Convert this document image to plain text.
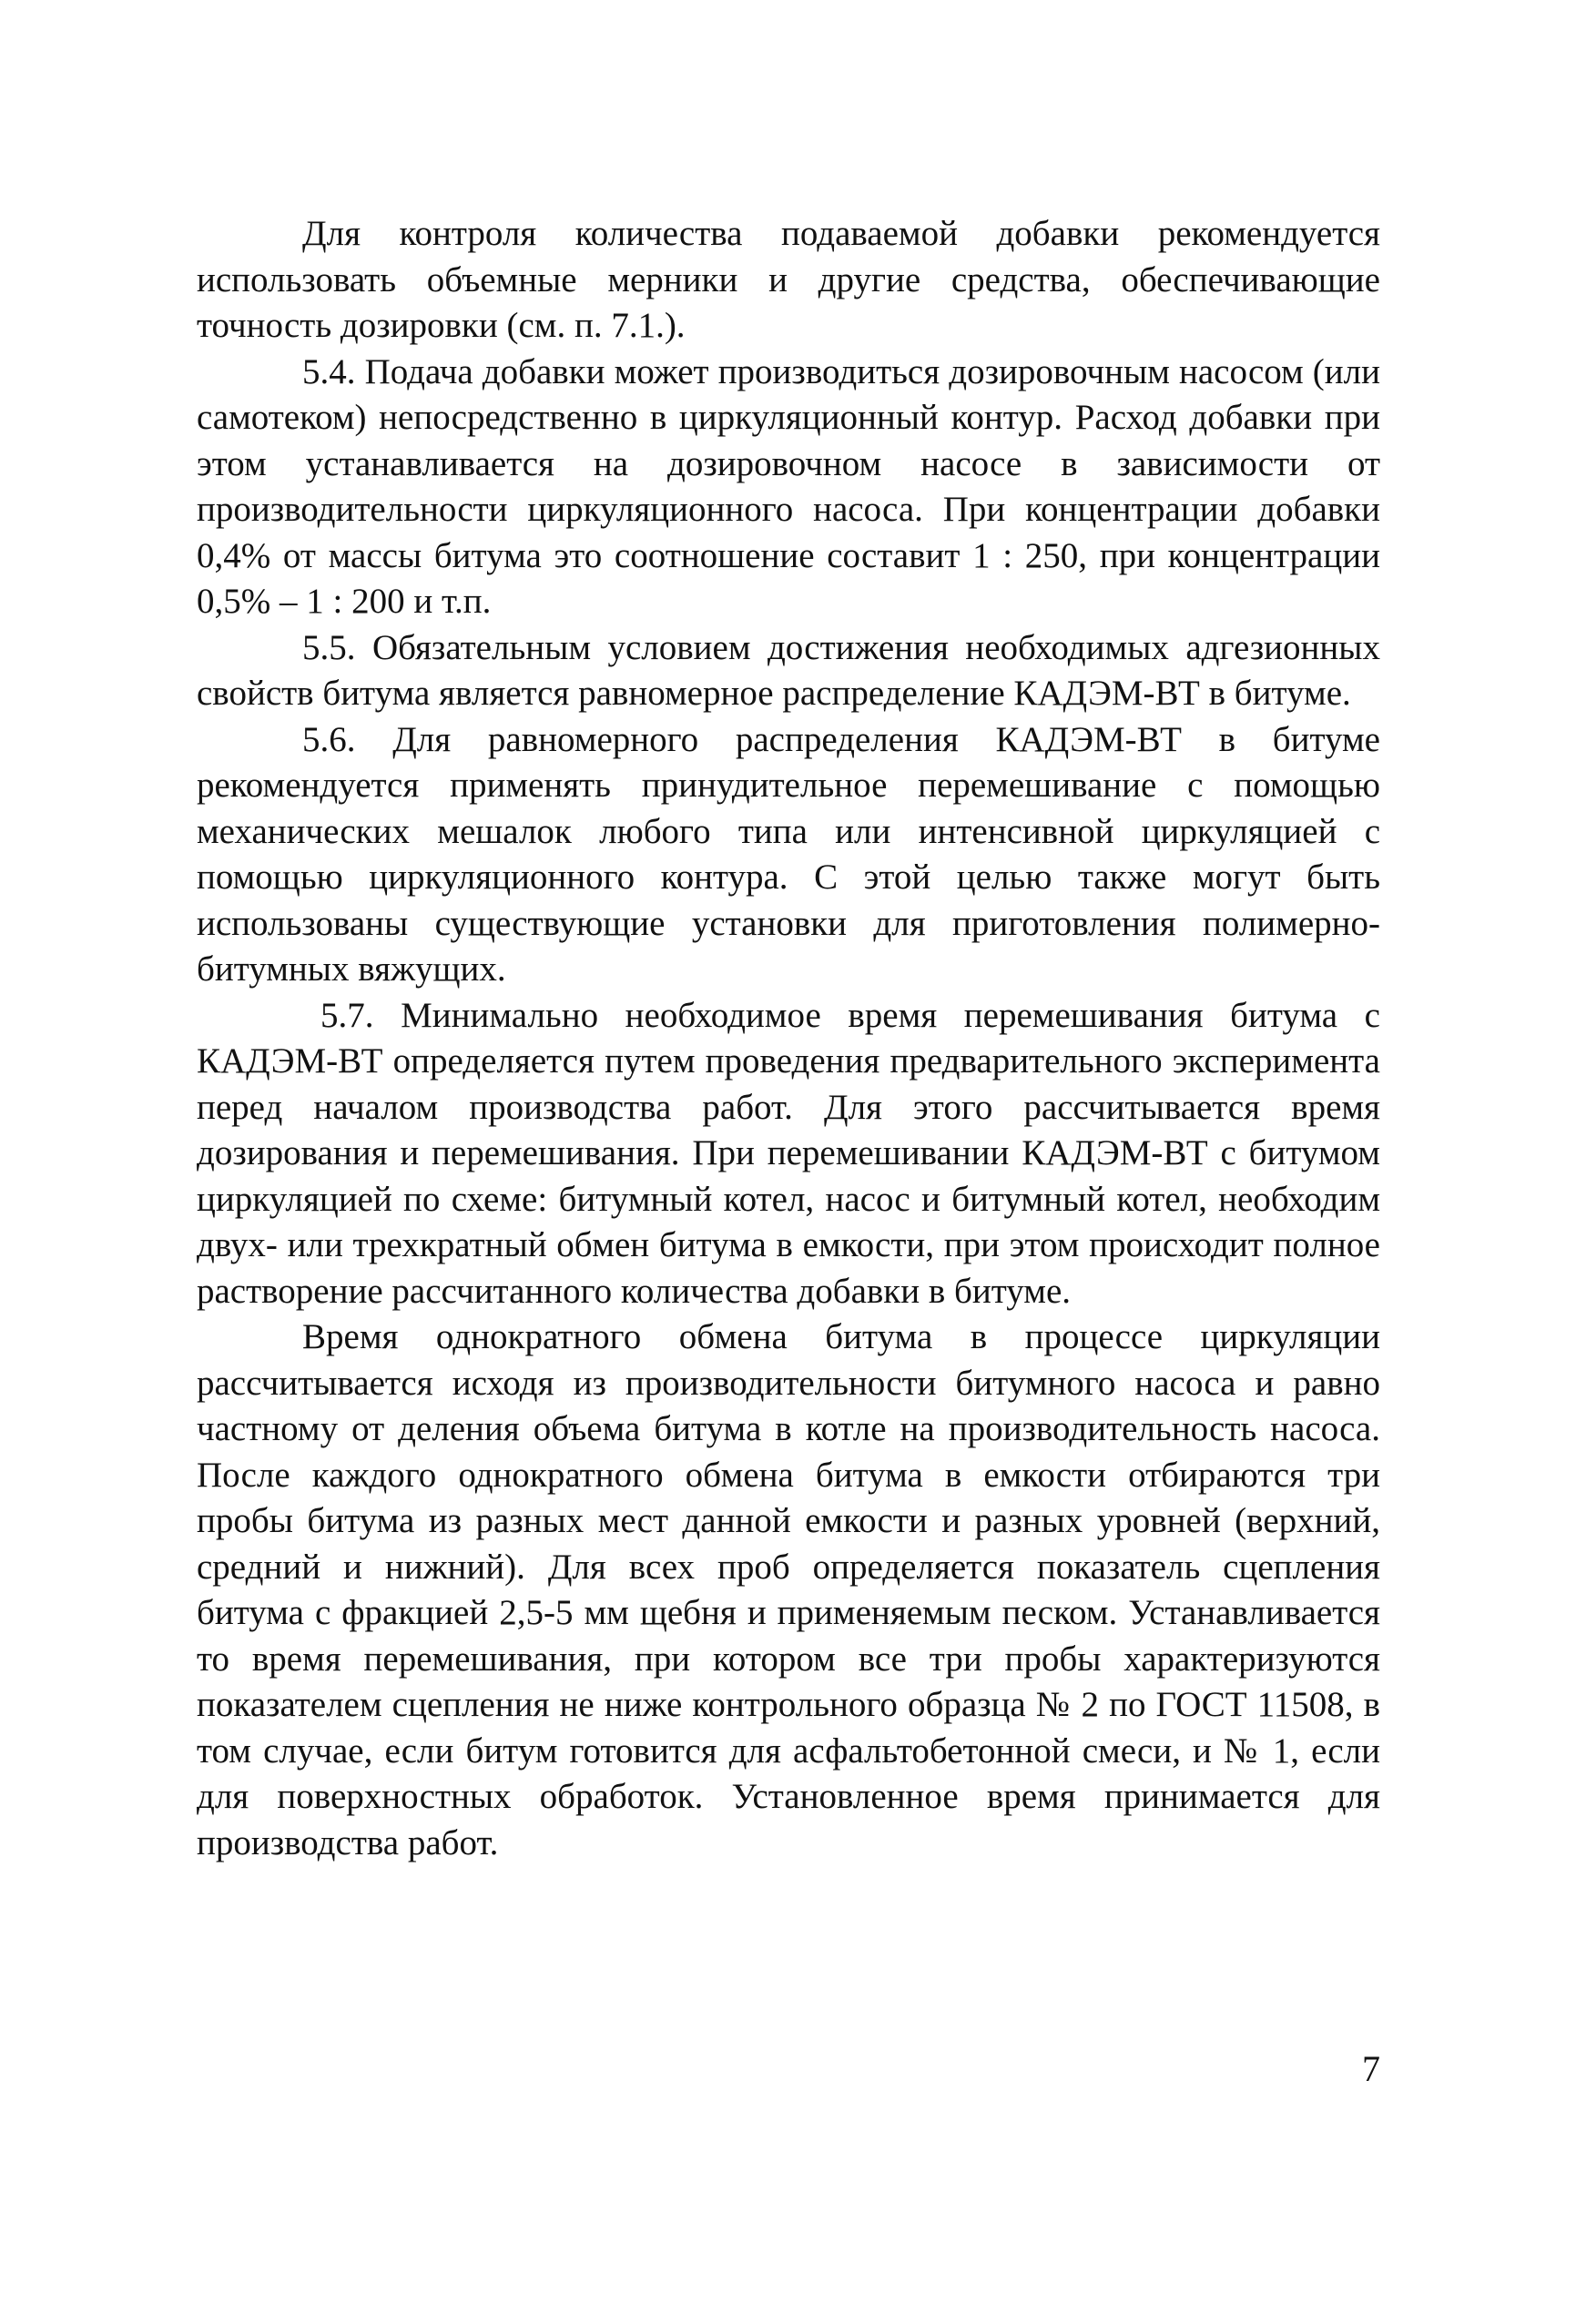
Для контроля количества подаваемой добавки рекомендуется использовать объемные мерники и другие средства, обеспечивающие точность дозировки (см. п. 7.1.).

5.4. Подача добавки может производиться дозировочным насосом (или самотеком) непосредственно в циркуляционный контур. Расход добавки при этом устанавливается на дозировочном насосе в зависимости от производительности циркуляционного насоса. При концентрации добавки 0,4% от массы битума это соотношение составит 1 : 250, при концентрации 0,5% – 1 : 200 и т.п.

5.5. Обязательным условием достижения необходимых адгезионных свойств битума является равномерное распределение КАДЭМ-ВТ в битуме.

5.6. Для равномерного распределения КАДЭМ-ВТ в битуме рекомендуется применять принудительное перемешивание с помощью механических мешалок любого типа или интенсивной циркуляцией с помощью циркуляционного контура. С этой целью также могут быть использованы существующие установки для приготовления полимерно-битумных вяжущих.

5.7. Минимально необходимое время перемешивания битума с КАДЭМ-ВТ определяется путем проведения предварительного эксперимента перед началом производства работ. Для этого рассчитывается время дозирования и перемешивания. При перемешивании КАДЭМ-ВТ с битумом циркуляцией по схеме: битумный котел, насос и битумный котел, необходим двух- или трехкратный обмен битума в емкости, при этом происходит полное растворение рассчитанного количества добавки в битуме.

Время однократного обмена битума в процессе циркуляции рассчитывается исходя из производительности битумного насоса и равно частному от деления объема битума в котле на производительность насоса. После каждого однократного обмена битума в емкости отбираются три пробы битума из разных мест данной емкости и разных уровней (верхний, средний и нижний). Для всех проб определяется показатель сцепления битума с фракцией 2,5-5 мм щебня и применяемым песком. Устанавливается то время перемешивания, при котором все три пробы характеризуются показателем сцепления не ниже контрольного образца № 2 по ГОСТ 11508, в том случае, если битум готовится для асфальтобетонной смеси, и № 1, если для поверхностных обработок. Установленное время принимается для производства работ.

7
